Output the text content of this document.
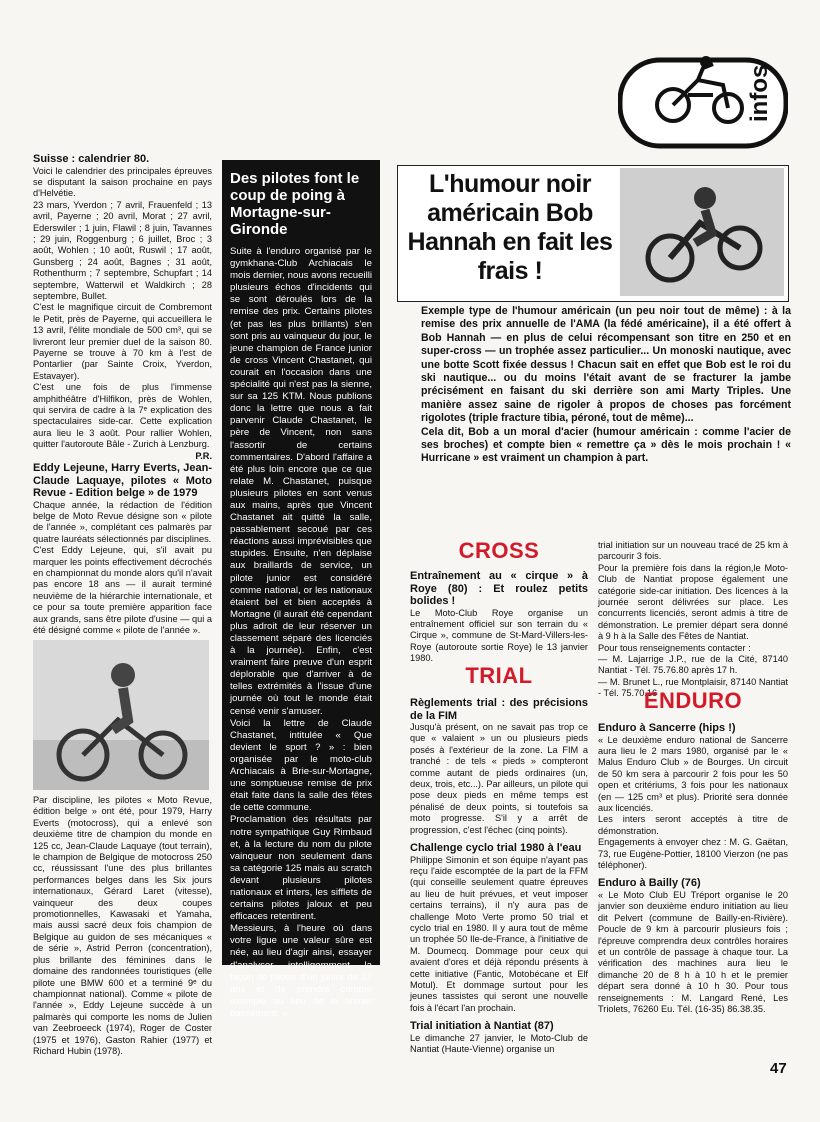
infos

Suisse : calendrier 80.

Voici le calendrier des principales épreuves se disputant la saison prochaine en pays d'Helvétie.

23 mars, Yverdon ; 7 avril, Frauenfeld ; 13 avril, Payerne ; 20 avril, Morat ; 27 avril, Ederswiler ; 1 juin, Flawil ; 8 juin, Tavannes ; 29 juin, Roggenburg ; 6 juillet, Broc ; 3 août, Wohlen ; 10 août, Ruswil ; 17 août, Gunsberg ; 24 août, Bagnes ; 31 août, Rothenthurm ; 7 septembre, Schupfart ; 14 septembre, Watterwil et Waldkirch ; 28 septembre, Bullet.

C'est le magnifique circuit de Combremont le Petit, près de Payerne, qui accueillera le 13 avril, l'élite mondiale de 500 cm³, qui se livreront leur premier duel de la saison 80. Payerne se trouve à 70 km à l'est de Pontarlier (par Sainte Croix, Yverdon, Estavayer).

C'est une fois de plus l'immense amphithéâtre d'Hilfikon, près de Wohlen, qui servira de cadre à la 7ᵉ explication des spectaculaires side-car. Cette explication aura lieu le 3 août. Pour rallier Wohlen, quitter l'autoroute Bâle - Zurich à Lenzburg.

P.R.

Eddy Lejeune, Harry Everts, Jean-Claude Laquaye, pilotes « Moto Revue - Edition belge » de 1979

Chaque année, la rédaction de l'édition belge de Moto Revue désigne son « pilote de l'année », complétant ces palmarès par quatre lauréats sélectionnés par disciplines.

C'est Eddy Lejeune, qui, s'il avait pu marquer les points effectivement décrochés en championnat du monde alors qu'il n'avait pas encore 18 ans — il aurait terminé neuvième de la hiérarchie internationale, et ce pour sa toute première apparition face aux grands, sans être pilote d'usine — qui a été désigné comme « pilote de l'année ».

Par discipline, les pilotes « Moto Revue, édition belge » ont été, pour 1979, Harry Everts (motocross), qui a enlevé son deuxième titre de champion du monde en 125 cc, Jean-Claude Laquaye (tout terrain), le champion de Belgique de motocross 250 cc, réussissant l'une des plus brillantes performances belges dans les Six jours internationaux, Gérard Laret (vitesse), vainqueur des deux coupes promotionnelles, Kawasaki et Yamaha, mais aussi sacré deux fois champion de Belgique au guidon de ses mécaniques « de série », Astrid Perron (concentration), plus brillante des féminines dans le domaine des randonnées touristiques (elle pilote une BMW 600 et a terminé 9ᵉ du championnat national). Comme « pilote de l'année », Eddy Lejeune succède à un palmarès qui comporte les noms de Julien van Zeebroeeck (1974), Roger de Coster (1975 et 1976), Gaston Rahier (1977) et Richard Hubin (1978).

Des pilotes font le coup de poing à Mortagne-sur-Gironde

Suite à l'enduro organisé par le gymkhana-Club Archiacais le mois dernier, nous avons recueilli plusieurs échos d'incidents qui se sont déroulés lors de la remise des prix. Certains pilotes (et pas les plus brillants) s'en sont pris au vainqueur du jour, le jeune champion de France junior de cross Vincent Chastanet, qui courait en l'occasion dans une spécialité qui n'est pas la sienne, sur sa 125 KTM. Nous publions donc la lettre que nous a fait parvenir Claude Chastanet, le père de Vincent, non sans l'assortir de certains commentaires. D'abord l'affaire a été plus loin encore que ce que relate M. Chastanet, puisque plusieurs pilotes en sont venus aux mains, après que Vincent Chastanet ait quitté la salle, passablement secoué par ces réactions aussi imprévisibles que stupides. Ensuite, n'en déplaise aux braillards de service, un pilote junior est considéré comme national, or les nationaux étaient bel et bien acceptés à Mortagne (il aurait été cependant plus adroit de leur réserver un classement séparé des licenciés à la journée). Enfin, c'est vraiment faire preuve d'un esprit déplorable que d'arriver à de telles extrémités à l'issue d'une journée où tout le monde était censé venir s'amuser.

Voici la lettre de Claude Chastanet, intitulée « Que devient le sport ? » : bien organisée par le moto-club Archiacais à Brie-sur-Mortagne, une somptueuse remise de prix était faite dans la salle des fêtes de cette commune.

Proclamation des résultats par notre sympathique Guy Rimbaud et, à la lecture du nom du pilote vainqueur non seulement dans sa catégorie 125 mais au scratch devant plusieurs pilotes nationaux et inters, les sifflets de certains pilotes jaloux et peu efficaces retentirent.

Messieurs, à l'heure où dans votre ligue une valeur sûre est née, au lieu d'agir ainsi, essayer d'analyser intelligemment la façon de piloter d'un junior de 17 ans et de prendre comme exemple au lieu de le brimer bassement. »

L'humour noir américain Bob Hannah en fait les frais !

Exemple type de l'humour américain (un peu noir tout de même) : à la remise des prix annuelle de l'AMA (la fédé américaine), il a été offert à Bob Hannah — en plus de celui récompensant son titre en 250 et en super-cross — un trophée assez particulier... Un monoski nautique, avec une botte Scott fixée dessus ! Chacun sait en effet que Bob est le roi du ski nautique... ou du moins l'était avant de se fracturer la jambe précisément en faisant du ski derrière son ami Marty Triples. Une manière assez saine de rigoler à propos de choses pas forcément rigolotes (triple fracture tibia, péroné, tout de même)...

Cela dit, Bob a un moral d'acier (humour américain : comme l'acier de ses broches) et compte bien « remettre ça » dès le mois prochain ! « Hurricane » est vraiment un champion à part.

CROSS

Entraînement au « cirque » à Roye (80) : Et roulez petits bolides !

Le Moto-Club Roye organise un entraînement officiel sur son terrain du « Cirque », commune de St-Mard-Villers-les-Roye (autoroute sortie Roye) le 13 janvier 1980.

TRIAL

Règlements trial : des précisions de la FIM

Jusqu'à présent, on ne savait pas trop ce que « valaient » un ou plusieurs pieds posés à l'extérieur de la zone. La FIM a tranché : de tels « pieds » compteront comme autant de pieds ordinaires (un, deux, trois, etc...). Par ailleurs, un pilote qui pose deux pieds en même temps est pénalisé de deux points, si toutefois sa moto progresse. S'il y a arrêt de progression, c'est l'échec (cinq points).

Challenge cyclo trial 1980 à l'eau

Philippe Simonin et son équipe n'ayant pas reçu l'aide escomptée de la part de la FFM (qui conseille seulement quatre épreuves au lieu de huit prévues, et veut imposer certains terrains), il n'y aura pas de challenge Moto Verte promo 50 trial et cyclo trial en 1980. Il y aura tout de même un trophée 50 Ile-de-France, à l'initiative de M. Doumecq. Dommage pour ceux qui avaient d'ores et déjà répondu présents à cette initiative (Fantic, Motobécane et Elf Motul). Et dommage surtout pour les jeunes tassistes qui seront une nouvelle fois à l'écart l'an prochain.

Trial initiation à Nantiat (87)

Le dimanche 27 janvier, le Moto-Club de Nantiat (Haute-Vienne) organise un

trial initiation sur un nouveau tracé de 25 km à parcourir 3 fois.

Pour la première fois dans la région,le Moto-Club de Nantiat propose également une catégorie side-car initiation. Des licences à la journée seront délivrées sur place. Les concurrents licenciés, seront admis à titre de démonstration. Le premier départ sera donné à 9 h à la Salle des Fêtes de Nantiat.

Pour tous renseignements contacter :

— M. Lajarrige J.P., rue de la Cité, 87140 Nantiat - Tél. 75.76.80 après 17 h.

— M. Brunet L., rue Montplaisir, 87140 Nantiat - Tél. 75.70.16

ENDURO

Enduro à Sancerre (hips !)

« Le deuxième enduro national de Sancerre aura lieu le 2 mars 1980, organisé par le « Malus Enduro Club » de Bourges. Un circuit de 50 km sera à parcourir 2 fois pour les 50 open et critériums, 3 fois pour les nationaux (en — 125 cm³ et plus). Priorité sera donnée aux licenciés.

Les inters seront acceptés à titre de démonstration.

Engagements à envoyer chez : M. G. Gaëtan, 73, rue Eugène-Pottier, 18100 Vierzon (ne pas téléphoner).

Enduro à Bailly (76)

« Le Moto Club EU Tréport organise le 20 janvier son deuxième enduro initiation au lieu dit Pelvert (commune de Bailly-en-Rivière). Poucle de 9 km à parcourir plusieurs fois ; l'épreuve comprendra deux contrôles horaires et un contrôle de passage à chaque tour. La vérification des machines aura lieu le dimanche 20 de 8 h à 10 h et le premier départ sera donné à 10 h 30. Pour tous renseignements : M. Langard René, Les Triolets, 76260 Eu. Tél. (16-35) 86.38.35.

47
